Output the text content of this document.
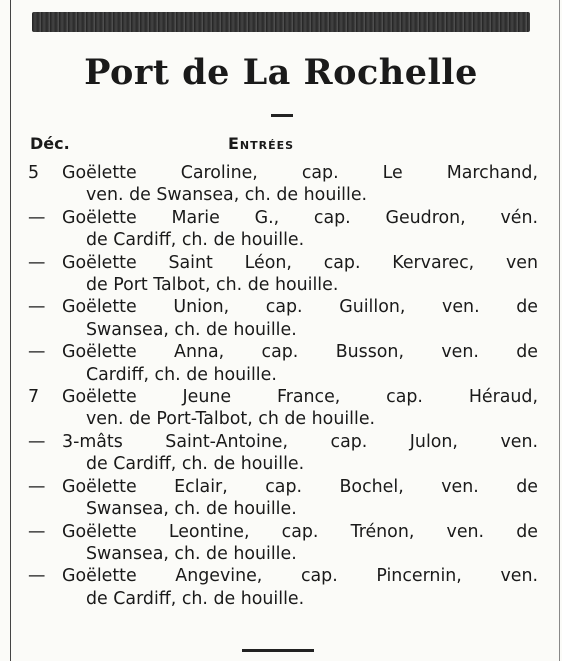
Port de La Rochelle
Déc.	Entrées
5	Goëlette Caroline, cap. Le Marchand,
ven. de Swansea, ch. de houille.
— Goëlette Marie G., cap. Geudron, vén.
de Cardiff, ch. de houille.
— Goëlette Saint Léon, cap. Kervarec, ven
de Port Talbot, ch. de houille.
— Goëlette Union, cap. Guillon, ven. de
Swansea, ch. de houille.
— Goëlette Anna, cap. Busson, ven. de
Cardiff, ch. de houille.
7	Goëlette Jeune France, cap. Héraud,
ven. de Port-Talbot, ch de houille.
— 3-mâts Saint-Antoine, cap. Julon, ven.
de Cardiff, ch. de houille.
— Goëlette Eclair, cap. Bochel, ven. de
Swansea, ch. de houille.
— Goëlette Leontine, cap. Trénon, ven. de
Swansea, ch. de houille.
— Goëlette Angevine, cap. Pincernin, ven.
de Cardiff, ch. de houille.
